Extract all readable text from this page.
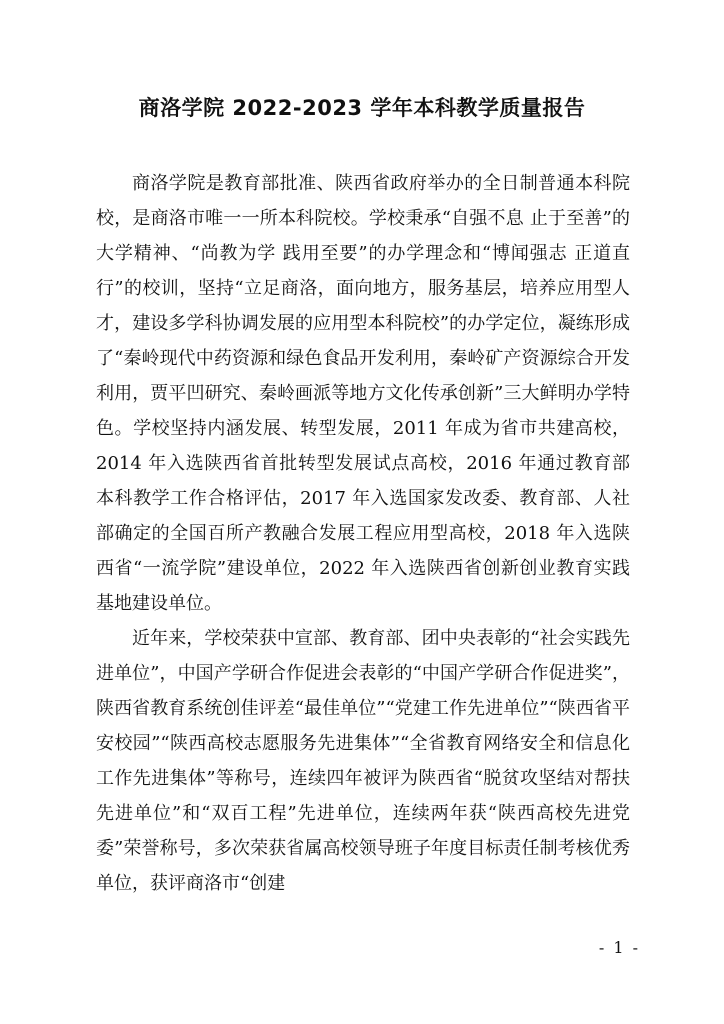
商洛学院 2022-2023 学年本科教学质量报告

商洛学院是教育部批准、陕西省政府举办的全日制普通本科院校，是商洛市唯一一所本科院校。学校秉承“自强不息 止于至善”的大学精神、“尚教为学 践用至要”的办学理念和“博闻强志 正道直行”的校训，坚持“立足商洛，面向地方，服务基层，培养应用型人才，建设多学科协调发展的应用型本科院校”的办学定位，凝练形成了“秦岭现代中药资源和绿色食品开发利用，秦岭矿产资源综合开发利用，贾平凹研究、秦岭画派等地方文化传承创新”三大鲜明办学特色。学校坚持内涵发展、转型发展，2011 年成为省市共建高校，2014 年入选陕西省首批转型发展试点高校，2016 年通过教育部本科教学工作合格评估，2017 年入选国家发改委、教育部、人社部确定的全国百所产教融合发展工程应用型高校，2018 年入选陕西省“一流学院”建设单位，2022 年入选陕西省创新创业教育实践基地建设单位。

近年来，学校荣获中宣部、教育部、团中央表彰的“社会实践先进单位”，中国产学研合作促进会表彰的“中国产学研合作促进奖”，陕西省教育系统创佳评差“最佳单位”“党建工作先进单位”“陕西省平安校园”“陕西高校志愿服务先进集体”“全省教育网络安全和信息化工作先进集体”等称号，连续四年被评为陕西省“脱贫攻坚结对帮扶先进单位”和“双百工程”先进单位，连续两年获“陕西高校先进党委”荣誉称号，多次荣获省属高校领导班子年度目标责任制考核优秀单位，获评商洛市“创建

- 1 -
